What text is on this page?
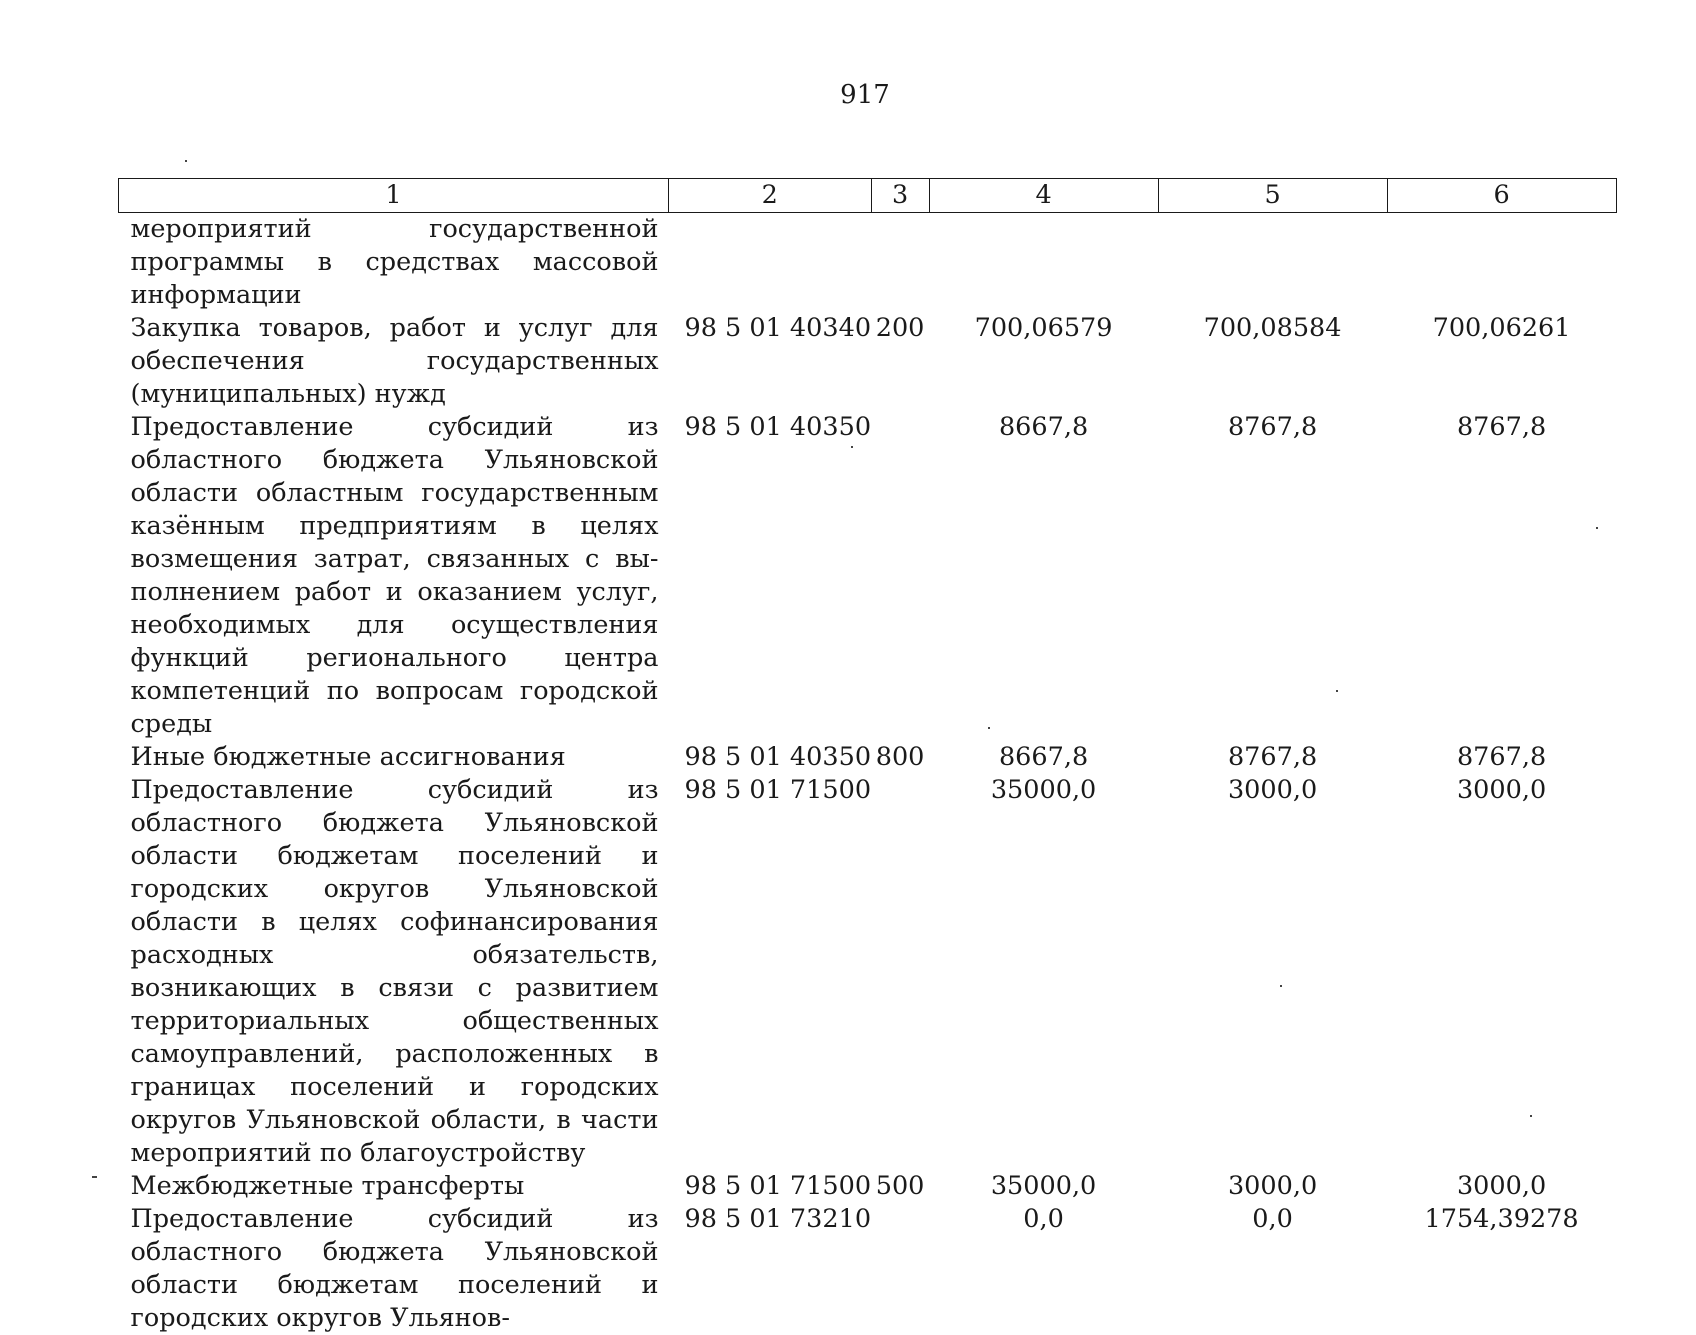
917
1	2	3	4	5	6
мероприятий государственной программы в средствах массовой информации					
Закупка товаров, работ и услуг для обеспечения государственных (муниципальных) нужд	98 5 01 40340	200	700,06579	700,08584	700,06261
Предоставление субсидий из областного бюджета Ульяновской области областным государственным казённым предприятиям в целях возмещения затрат, связанных с выполнением работ и оказанием услуг, необходимых для осуществления функций регионального центра компетенций по вопросам городской среды	98 5 01 40350		8667,8	8767,8	8767,8
Иные бюджетные ассигнования	98 5 01 40350	800	8667,8	8767,8	8767,8
Предоставление субсидий из областного бюджета Ульяновской области бюджетам поселений и городских округов Ульяновской области в целях софинансирования расходных обязательств, возникающих в связи с развитием территориальных общественных самоуправлений, расположенных в границах поселений и городских округов Ульяновской области, в части мероприятий по благоустройству	98 5 01 71500		35000,0	3000,0	3000,0
Межбюджетные трансферты	98 5 01 71500	500	35000,0	3000,0	3000,0
Предоставление субсидий из областного бюджета Ульяновской области бюджетам поселений и городских округов Ульянов-	98 5 01 73210		0,0	0,0	1754,39278
